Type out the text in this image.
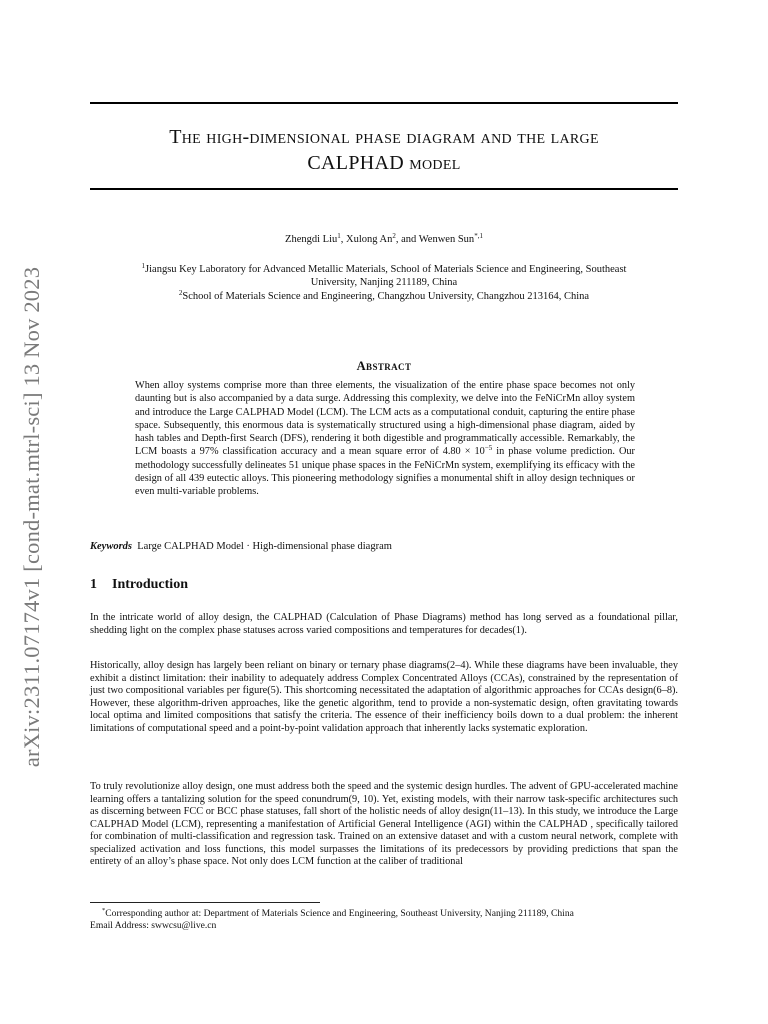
arXiv:2311.07174v1 [cond-mat.mtrl-sci] 13 Nov 2023
The high-dimensional phase diagram and the large
CALPHAD model
Zhengdi Liu$^1$, Xulong An$^2$, and Wenwen Sun$^{*,1}$
$^1$Jiangsu Key Laboratory for Advanced Metallic Materials, School of Materials Science and Engineering, Southeast
University, Nanjing 211189, China
$^2$School of Materials Science and Engineering, Changzhou University, Changzhou 213164, China
Abstract
When alloy systems comprise more than three elements, the visualization of the entire phase space becomes not only daunting but is also accompanied by a data surge. Addressing this complexity, we delve into the FeNiCrMn alloy system and introduce the Large CALPHAD Model (LCM). The LCM acts as a computational conduit, capturing the entire phase space. Subsequently, this enormous data is systematically structured using a high-dimensional phase diagram, aided by hash tables and Depth-first Search (DFS), rendering it both digestible and programmatically accessible. Remarkably, the LCM boasts a 97% classification accuracy and a mean square error of $4.80 \times 10^{-5}$ in phase volume prediction. Our methodology successfully delineates 51 unique phase spaces in the FeNiCrMn system, exemplifying its efficacy with the design of all 439 eutectic alloys. This pioneering methodology signifies a monumental shift in alloy design techniques or even multi-variable problems.
Keywords Large CALPHAD Model · High-dimensional phase diagram
1 Introduction

In the intricate world of alloy design, the CALPHAD (Calculation of Phase Diagrams) method has long served as a foundational pillar, shedding light on the complex phase statuses across varied compositions and temperatures for decades(1).

Historically, alloy design has largely been reliant on binary or ternary phase diagrams(2–4). While these diagrams have been invaluable, they exhibit a distinct limitation: their inability to adequately address Complex Concentrated Alloys (CCAs), constrained by the representation of just two compositional variables per figure(5). This shortcoming necessitated the adaptation of algorithmic approaches for CCAs design(6–8). However, these algorithm-driven approaches, like the genetic algorithm, tend to provide a non-systematic design, often gravitating towards local optima and limited compositions that satisfy the criteria. The essence of their inefficiency boils down to a dual problem: the inherent limitations of computational speed and a point-by-point validation approach that inherently lacks systematic exploration.

To truly revolutionize alloy design, one must address both the speed and the systemic design hurdles. The advent of GPU-accelerated machine learning offers a tantalizing solution for the speed conundrum(9, 10). Yet, existing models, with their narrow task-specific architectures such as discerning between FCC or BCC phase statuses, fall short of the holistic needs of alloy design(11–13). In this study, we introduce the Large CALPHAD Model (LCM), representing a manifestation of Artificial General Intelligence (AGI) within the CALPHAD , specifically tailored for combination of multi-classification and regression task. Trained on an extensive dataset and with a custom neural network, complete with specialized activation and loss functions, this model surpasses the limitations of its predecessors by providing predictions that span the entirety of an alloy’s phase space. Not only does LCM function at the caliber of traditional

*Corresponding author at: Department of Materials Science and Engineering, Southeast University, Nanjing 211189, China
Email Address: swwcsu@live.cn
